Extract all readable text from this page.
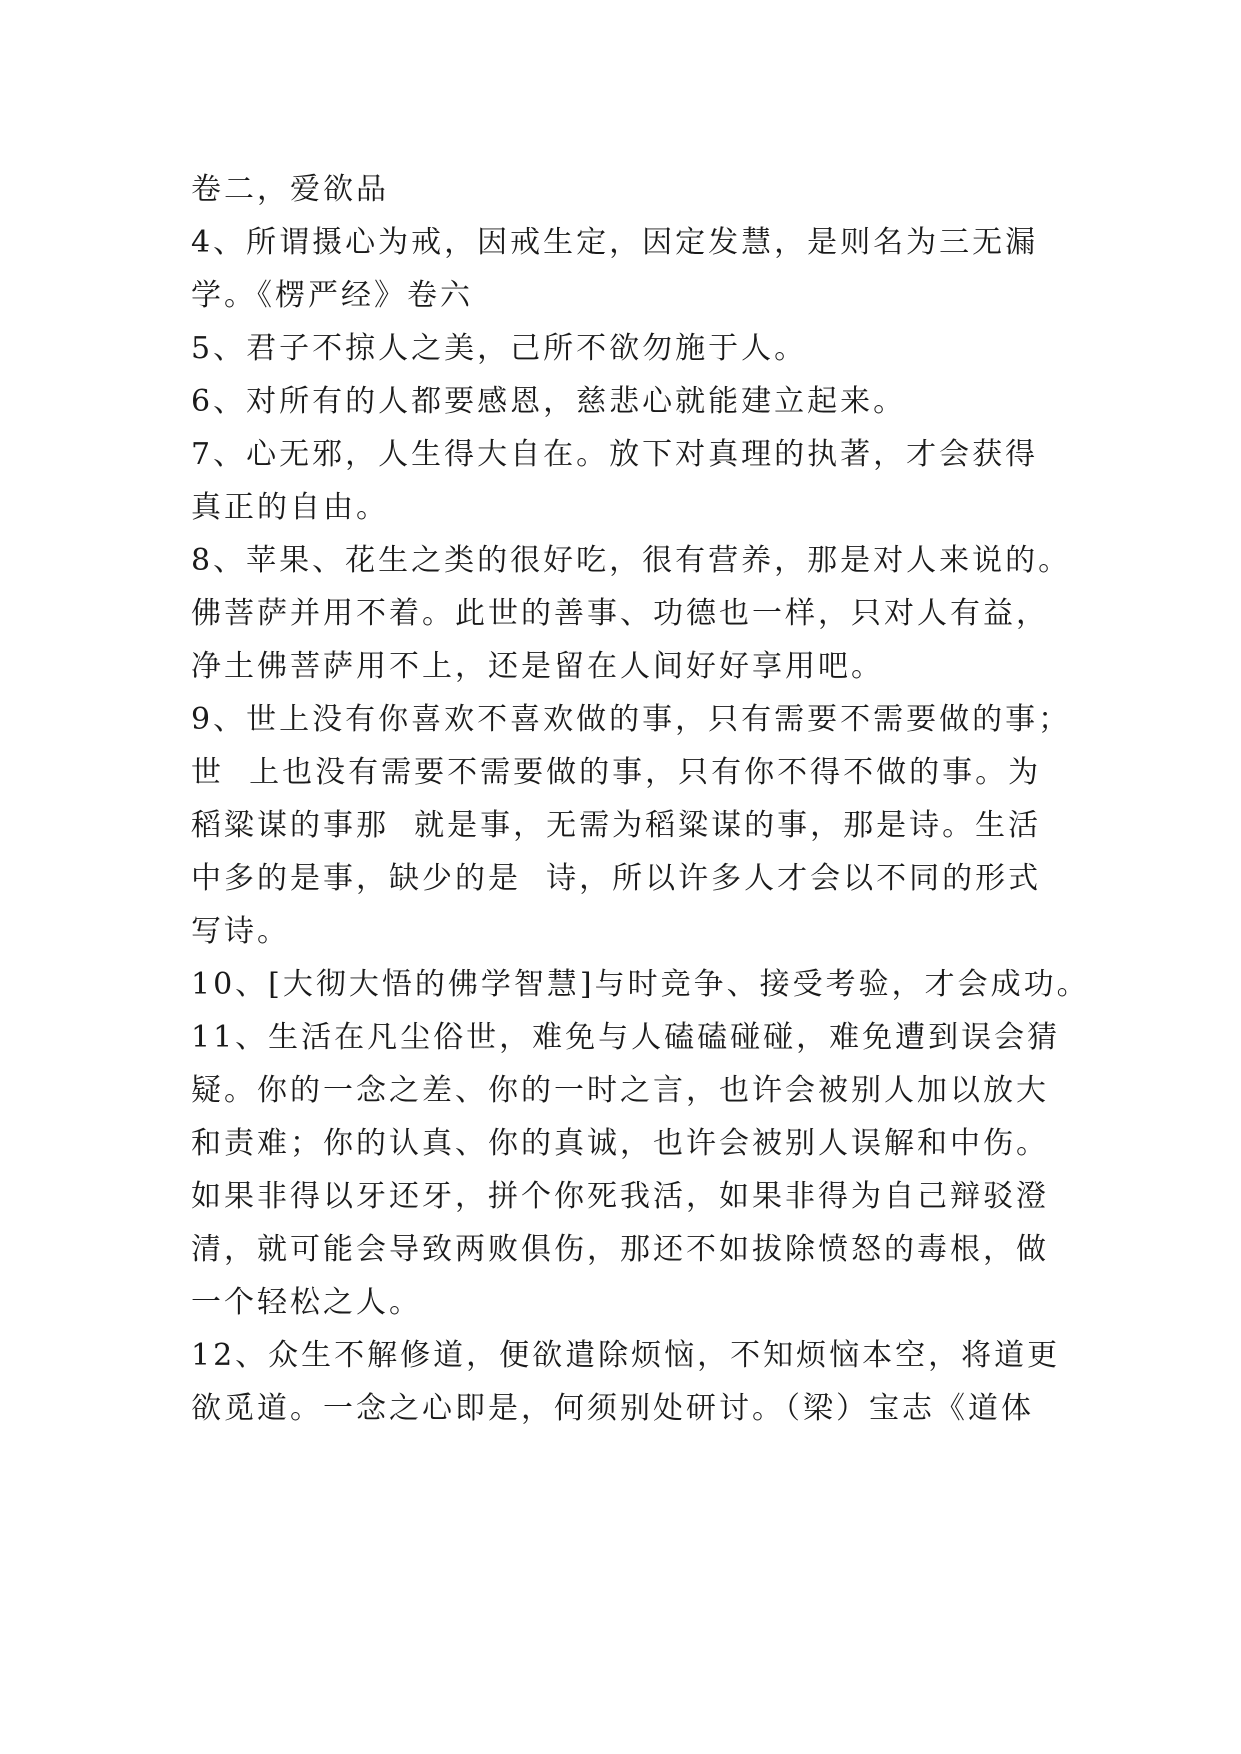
卷二，爱欲品
4、所谓摄心为戒，因戒生定，因定发慧，是则名为三无漏
学。《楞严经》卷六
5、君子不掠人之美，己所不欲勿施于人。
6、对所有的人都要感恩，慈悲心就能建立起来。
7、心无邪，人生得大自在。放下对真理的执著，才会获得
真正的自由。
8、苹果、花生之类的很好吃，很有营养，那是对人来说的。
佛菩萨并用不着。此世的善事、功德也一样，只对人有益，
净土佛菩萨用不上，还是留在人间好好享用吧。
9、世上没有你喜欢不喜欢做的事，只有需要不需要做的事；
世  上也没有需要不需要做的事，只有你不得不做的事。为
稻粱谋的事那  就是事，无需为稻粱谋的事，那是诗。生活
中多的是事，缺少的是  诗，所以许多人才会以不同的形式
写诗。
10、[大彻大悟的佛学智慧]与时竞争、接受考验，才会成功。
11、生活在凡尘俗世，难免与人磕磕碰碰，难免遭到误会猜
疑。你的一念之差、你的一时之言，也许会被别人加以放大
和责难；你的认真、你的真诚，也许会被别人误解和中伤。
如果非得以牙还牙，拼个你死我活，如果非得为自己辩驳澄
清，就可能会导致两败俱伤，那还不如拔除愤怒的毒根，做
一个轻松之人。
12、众生不解修道，便欲遣除烦恼，不知烦恼本空，将道更
欲觅道。一念之心即是，何须别处研讨。（梁）宝志《道体
